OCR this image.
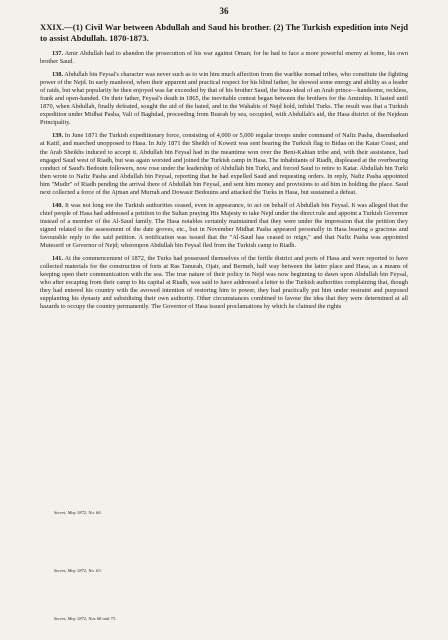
36
XXIX.—(1) Civil War between Abdullah and Saud his brother. (2) The Turkish expedition into Nejd to assist Abdullah. 1870-1873.

137. Amir Abdullah had to abandon the prosecution of his war against Oman; for he had to face a more powerful enemy at home, his own brother Saud.

138. Abdullah bin Feysal's character was never such as to win him much affection from the warlike nomad tribes, who constitute the fighting power of the Nejd. In early manhood, when their apparent and practical respect for his blind father, he showed some energy and ability as a leader of raids, but what popularity he then enjoyed was far exceeded by that of his brother Saud, the beau-ideal of an Arab prince—handsome, reckless, frank and open-handed. On their father, Feysal's death in 1865, the inevitable contest began between the brothers for the Amirship. It lasted until 1870, when Abdullah, finally defeated, sought the aid of the hated, and in the Wahabis of Nejd hold, infidel Turks. The result was that a Turkish expedition under Midhat Pasha, Vali of Baghdad, proceeding from Busrah by sea, occupied, with Abdullah's aid, the Hasa district of the Nejdean Principality.

139. In June 1871 the Turkish expeditionary force, consisting of 4,000 or 5,000 regular troops under command of Nafiz Pasha, disembarked at Katif, and marched unopposed to Hasa. In July 1871 the Sheikh of Koweit was sent bearing the Turkish flag to Bidaa on the Katar Coast, and the Arab Sheikhs induced to accept it. Abdullah bin Feysal had in the meantime won over the Beni-Kahtan tribe and, with their assistance, had engaged Saud west of Riadh, but was again worsted and joined the Turkish camp in Hasa. The inhabitants of Riadh, displeased at the overbearing conduct of Saud's Bedouin followers, now rose under the leadership of Abdullah bin Turki, and forced Saud to retire to Katar. Abdullah bin Turki then wrote to Nafiz Pasha and Abdullah bin Feysal, reporting that he had expelled Saud and requesting orders. In reply, Nafiz Pasha appointed him "Mudir" of Riadh pending the arrival there of Abdullah bin Feysal, and sent him money and provisions to aid him in holding the place. Saud next collected a force of the Ajman and Murrah and Dowasir Bedouins and attacked the Turks in Hasa, but sustained a defeat.

140. It was not long ere the Turkish authorities ceased, even in appearance, to act on behalf of Abdullah bin Feysal. It was alleged that the chief people of Hasa had addressed a petition to the Sultan praying His Majesty to take Nejd under the direct rule and appoint a Turkish Governor instead of a member of the Al-Saud family. The Hasa notables certainly maintained that they were under the impression that the petition they signed related to the assessment of the date groves, etc., but in November Midhat Pasha appeared personally in Hasa bearing a gracious and favourable reply to the said petition. A notification was issued that the "Al-Saud has ceased to reign," and that Nafiz Pasha was appointed Mutessrif or Governor of Nejd; whereupon Abdullah bin Feysal fled from the Turkish camp to Riadh.

141. At the commencement of 1872, the Turks had possessed themselves of the fertile district and ports of Hasa and were reported to have collected materials for the construction of forts at Ras Tanurah, Ojair, and Bermeh, half way between the latter place and Hasa, as a means of keeping open their communication with the sea. The true nature of their policy in Nejd was now beginning to dawn upon Abdullah bin Feysal, who after escaping from their camp to his capital at Riadh, was said to have addressed a letter to the Turkish authorities complaining that, though they had entered his country with the avowed intention of restoring him to power, they had practically put him under restraint and purposed supplanting his dynasty and subsidising their own authority. Other circumstances combined to favour the idea that they were determined at all hazards to occupy the country permanently. The Governor of Hasa issued proclamations by which he claimed the rights

Secret, May 1872, No. 66.
Secret, May 1872, No. 63.
Secret, May 1872, Nos 68 and 73.
